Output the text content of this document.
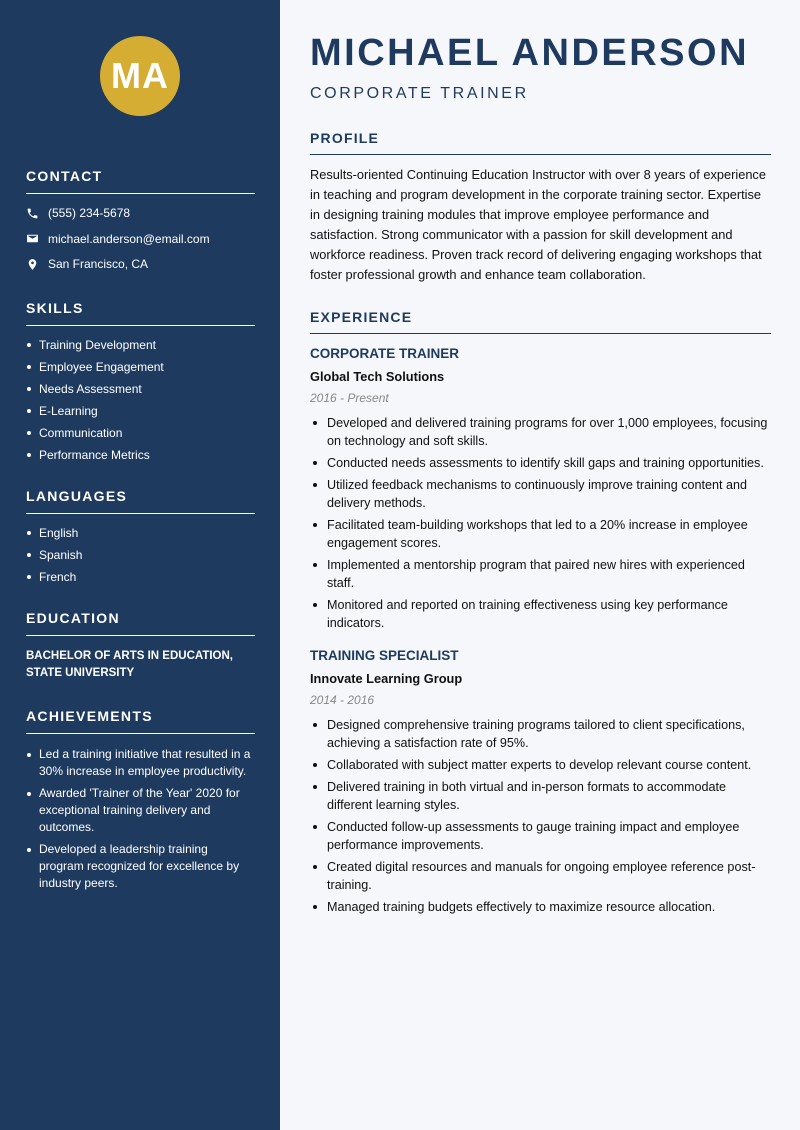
MA
CONTACT
(555) 234-5678
michael.anderson@email.com
San Francisco, CA
SKILLS
Training Development
Employee Engagement
Needs Assessment
E-Learning
Communication
Performance Metrics
LANGUAGES
English
Spanish
French
EDUCATION
BACHELOR OF ARTS IN EDUCATION, STATE UNIVERSITY
ACHIEVEMENTS
Led a training initiative that resulted in a 30% increase in employee productivity.
Awarded 'Trainer of the Year' 2020 for exceptional training delivery and outcomes.
Developed a leadership training program recognized for excellence by industry peers.
MICHAEL ANDERSON
CORPORATE TRAINER
PROFILE
Results-oriented Continuing Education Instructor with over 8 years of experience in teaching and program development in the corporate training sector. Expertise in designing training modules that improve employee performance and satisfaction. Strong communicator with a passion for skill development and workforce readiness. Proven track record of delivering engaging workshops that foster professional growth and enhance team collaboration.
EXPERIENCE
CORPORATE TRAINER
Global Tech Solutions
2016 - Present
Developed and delivered training programs for over 1,000 employees, focusing on technology and soft skills.
Conducted needs assessments to identify skill gaps and training opportunities.
Utilized feedback mechanisms to continuously improve training content and delivery methods.
Facilitated team-building workshops that led to a 20% increase in employee engagement scores.
Implemented a mentorship program that paired new hires with experienced staff.
Monitored and reported on training effectiveness using key performance indicators.
TRAINING SPECIALIST
Innovate Learning Group
2014 - 2016
Designed comprehensive training programs tailored to client specifications, achieving a satisfaction rate of 95%.
Collaborated with subject matter experts to develop relevant course content.
Delivered training in both virtual and in-person formats to accommodate different learning styles.
Conducted follow-up assessments to gauge training impact and employee performance improvements.
Created digital resources and manuals for ongoing employee reference post-training.
Managed training budgets effectively to maximize resource allocation.
